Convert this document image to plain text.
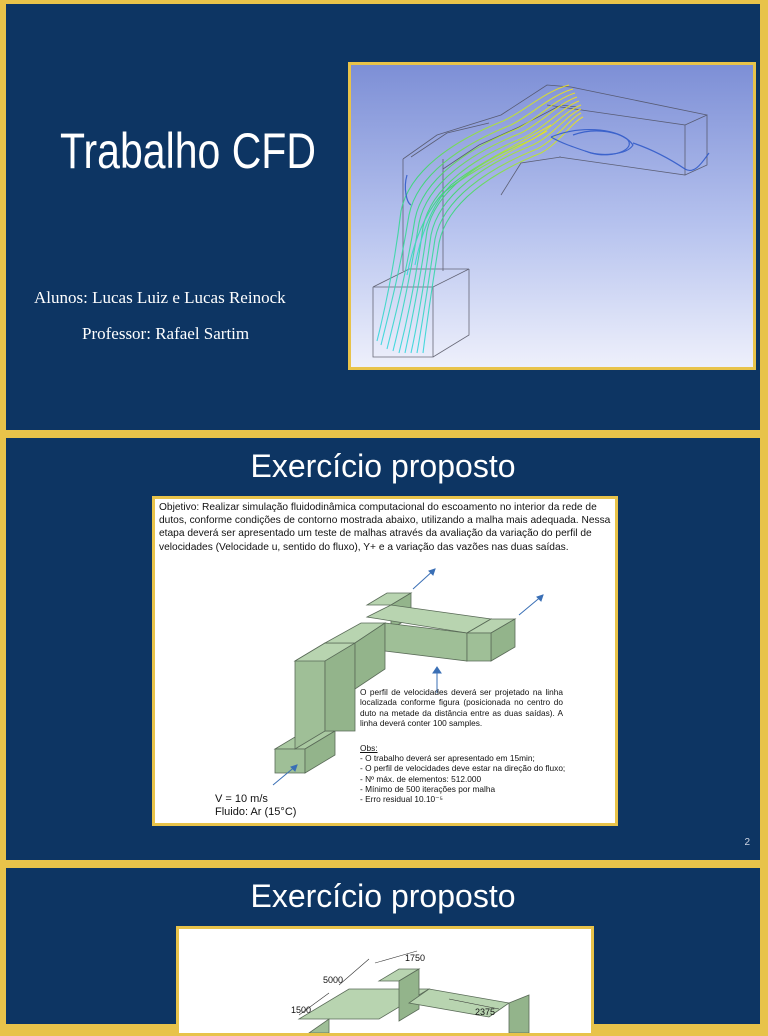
Trabalho CFD
Alunos: Lucas Luiz e Lucas Reinock
Professor: Rafael Sartim
Exercício proposto
Objetivo: Realizar simulação fluidodinâmica computacional do escoamento no interior da rede de dutos, conforme condições de contorno mostrada abaixo, utilizando a malha mais adequada. Nessa etapa deverá ser apresentado um teste de malhas através da avaliação da variação do perfil de velocidades (Velocidade u, sentido do fluxo), Y+ e a variação das vazões nas duas saídas.
O perfil de velocidades deverá ser projetado na linha localizada conforme figura (posicionada no centro do duto na metade da distância entre as duas saídas). A linha deverá conter 100 samples.
Obs:
- O trabalho deverá ser apresentado em 15min;
- O perfil de velocidades deve estar na direção do fluxo;
- Nº máx. de elementos: 512.000
- Mínimo de 500 iterações por malha
- Erro residual 10.10⁻⁵
V = 10 m/s
Fluido: Ar (15°C)
2
Exercício proposto
1750
5000
1500	2375
